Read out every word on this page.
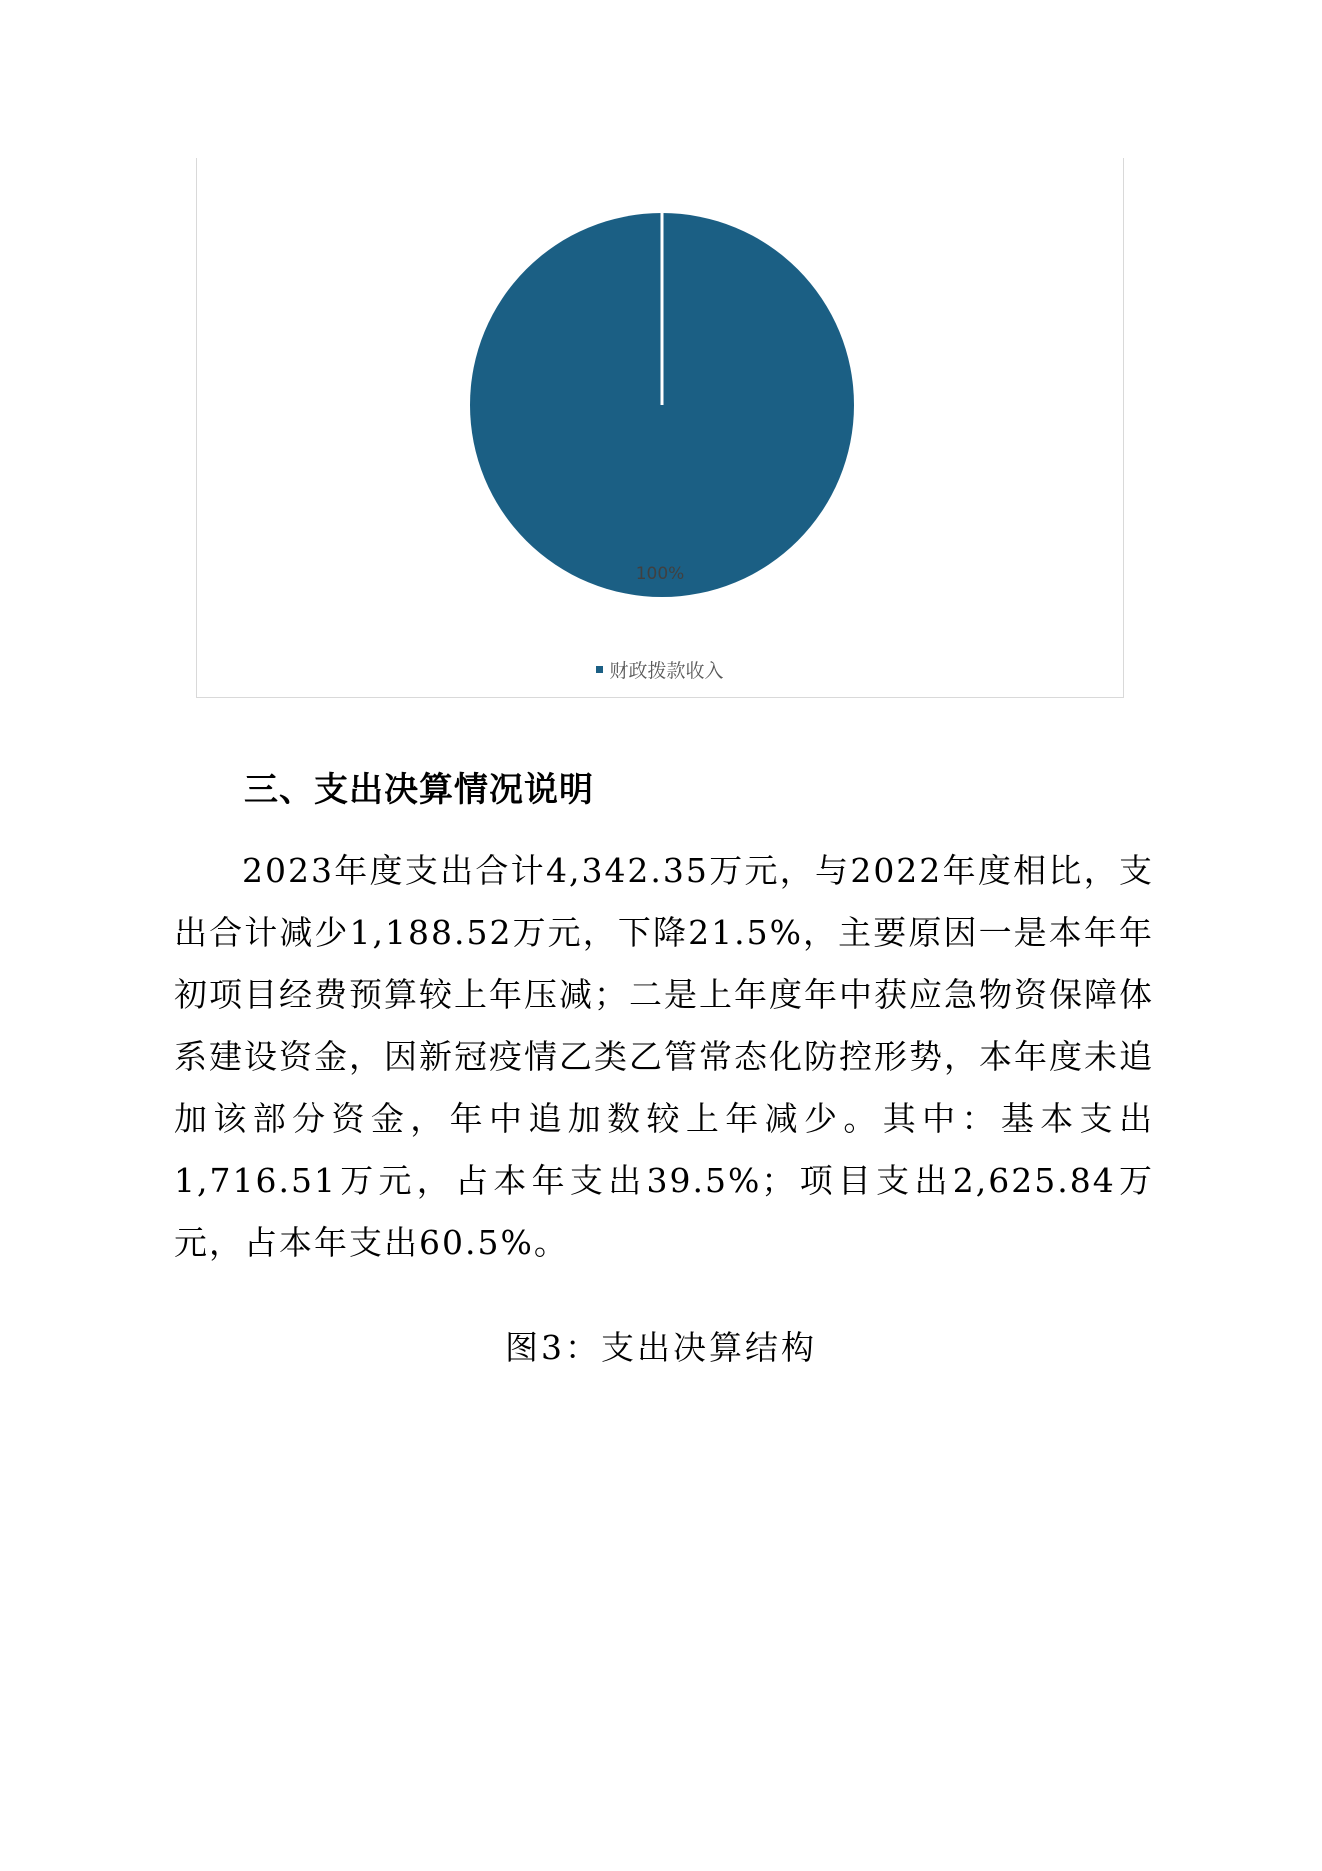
100%
财政拨款收入
三、支出决算情况说明

2023年度支出合计4,342.35万元，与2022年度相比，支出合计减少1,188.52万元，下降21.5%，主要原因一是本年年初项目经费预算较上年压减；二是上年度年中获应急物资保障体系建设资金，因新冠疫情乙类乙管常态化防控形势，本年度未追加该部分资金，年中追加数较上年减少。其中：基本支出1,716.51万元，占本年支出39.5%；项目支出2,625.84万元，占本年支出60.5%。

图3：支出决算结构
